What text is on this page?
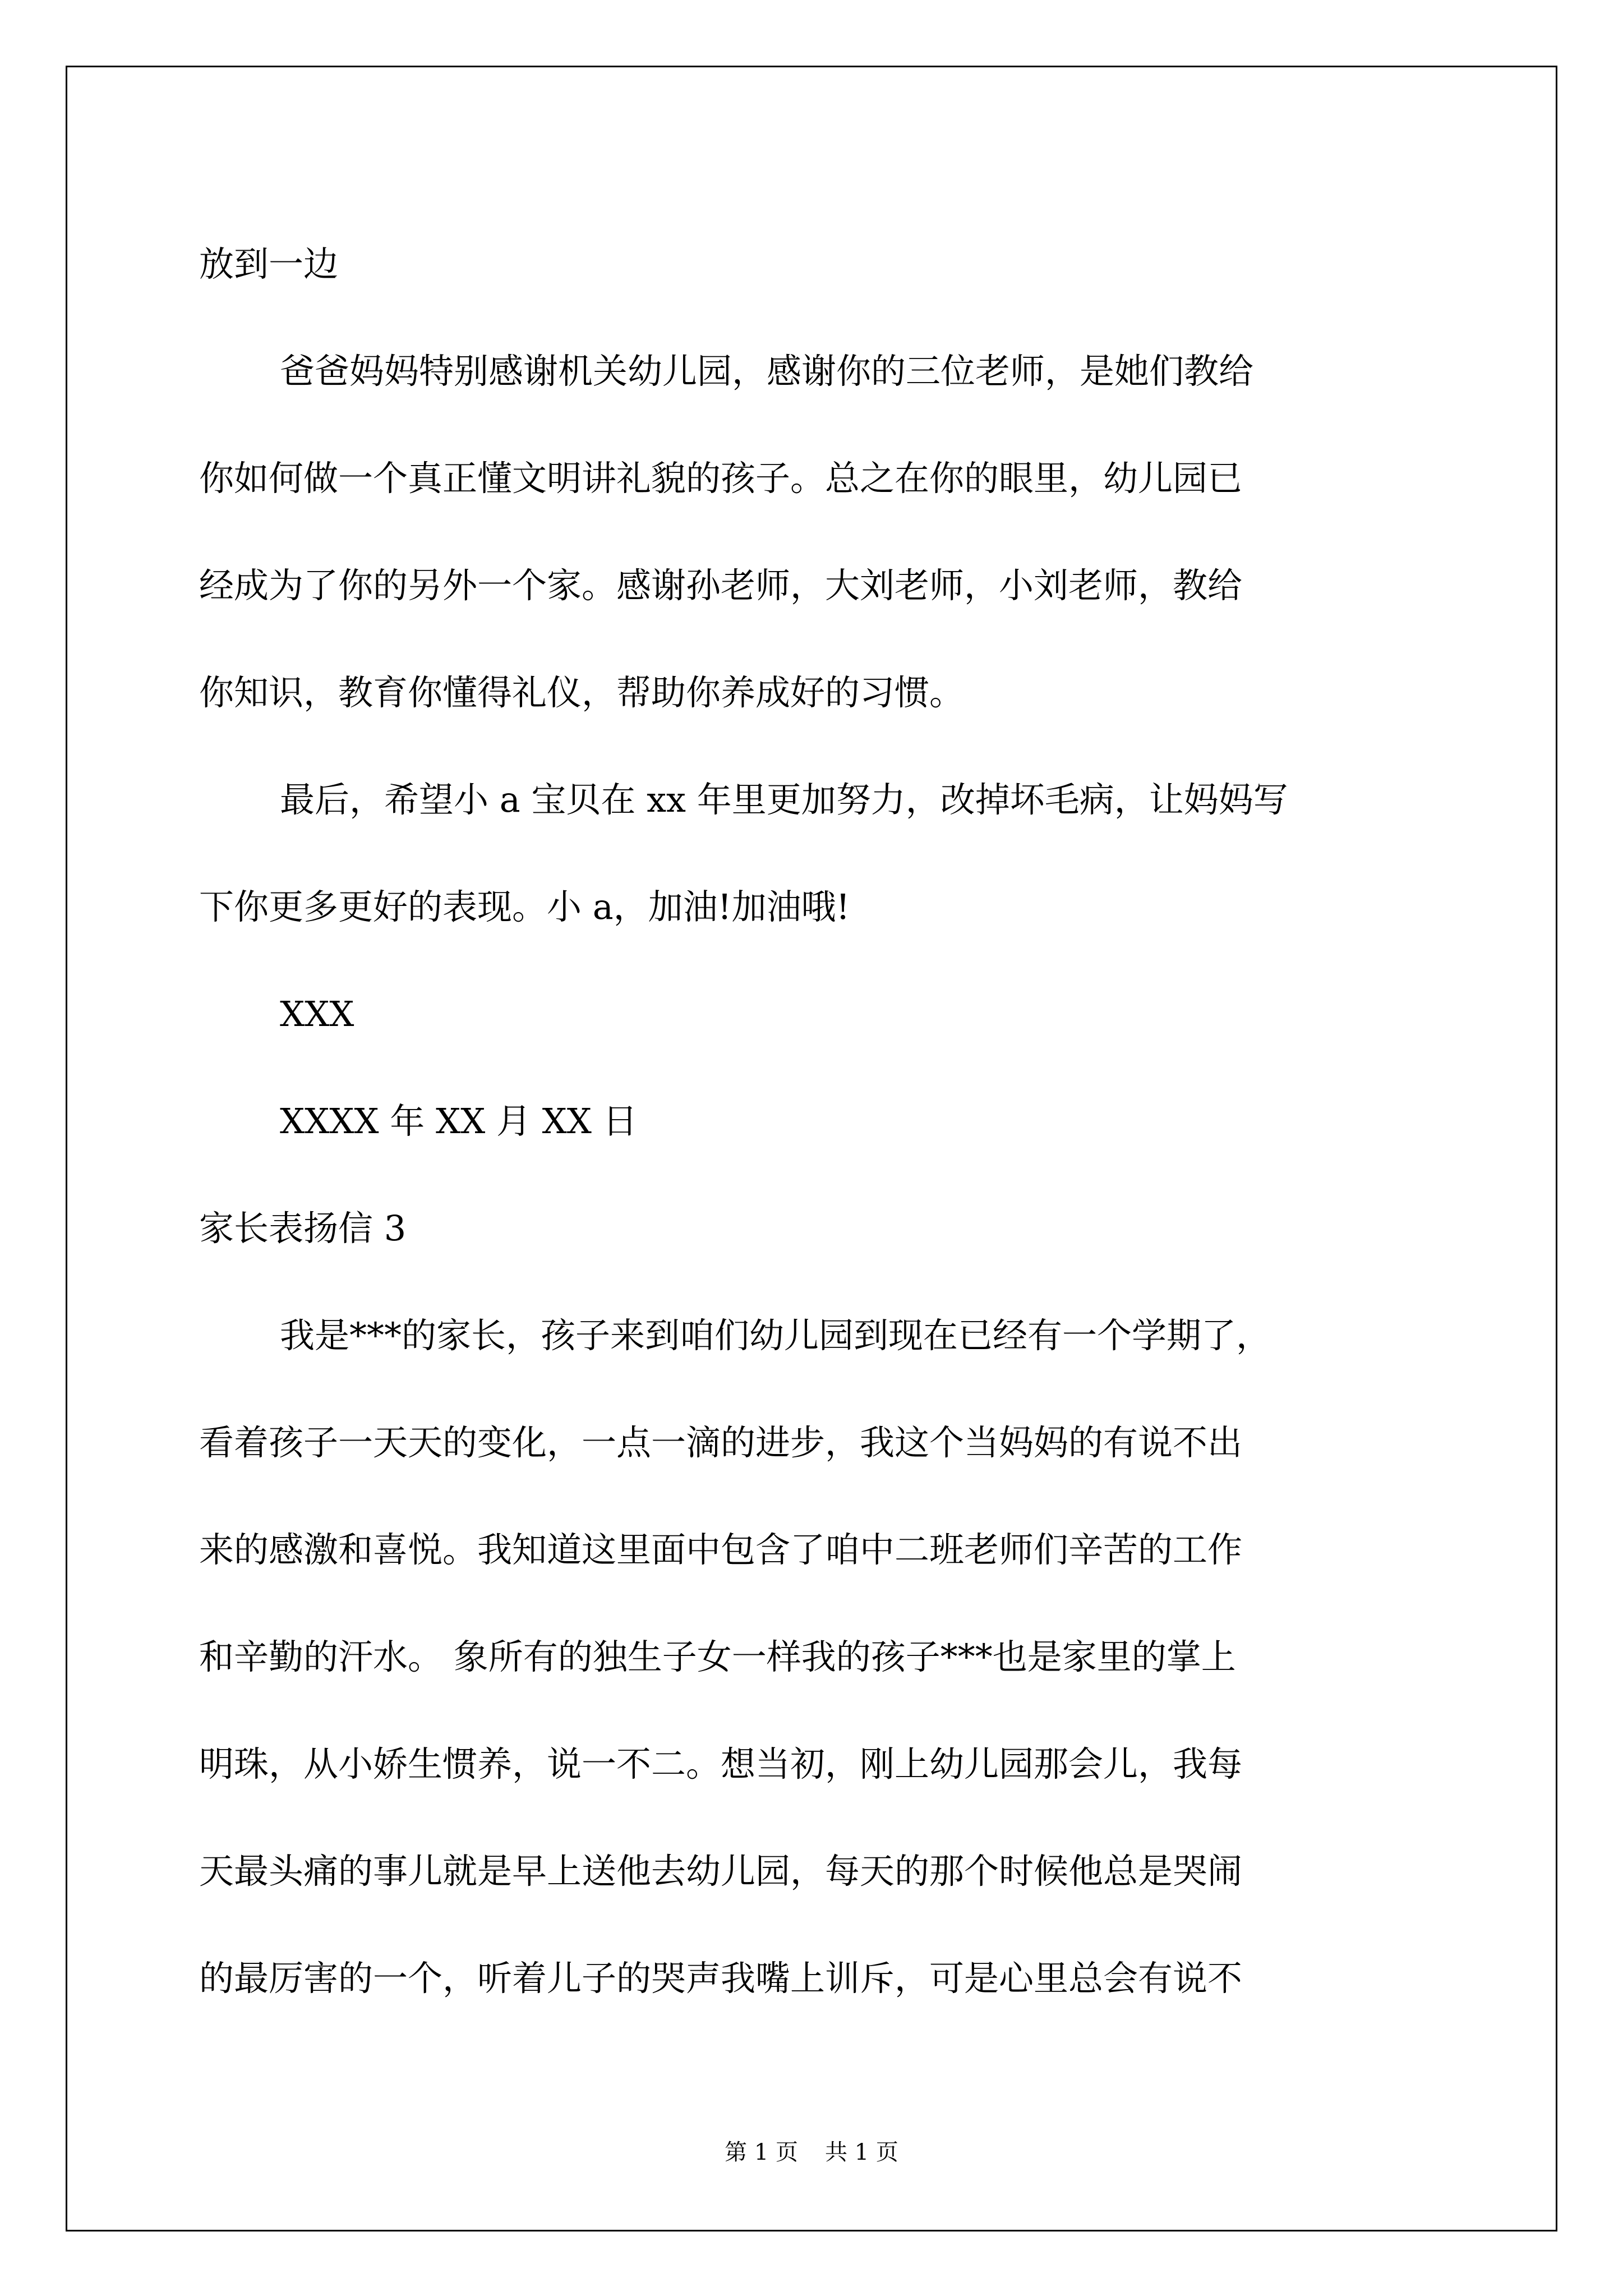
放到一边
爸爸妈妈特别感谢机关幼儿园，感谢你的三位老师，是她们教给
你如何做一个真正懂文明讲礼貌的孩子。总之在你的眼里，幼儿园已
经成为了你的另外一个家。感谢孙老师，大刘老师，小刘老师，教给
你知识，教育你懂得礼仪，帮助你养成好的习惯。
最后，希望小 a 宝贝在 xx 年里更加努力，改掉坏毛病，让妈妈写
下你更多更好的表现。小 a，加油!加油哦!
XXX
XXXX 年 XX 月 XX 日
家长表扬信 3
我是***的家长，孩子来到咱们幼儿园到现在已经有一个学期了，
看着孩子一天天的变化，一点一滴的进步，我这个当妈妈的有说不出
来的感激和喜悦。我知道这里面中包含了咱中二班老师们辛苦的工作
和辛勤的汗水。 象所有的独生子女一样我的孩子***也是家里的掌上
明珠，从小娇生惯养，说一不二。想当初，刚上幼儿园那会儿，我每
天最头痛的事儿就是早上送他去幼儿园，每天的那个时候他总是哭闹
的最厉害的一个，听着儿子的哭声我嘴上训斥，可是心里总会有说不
第 1 页 共 1 页
